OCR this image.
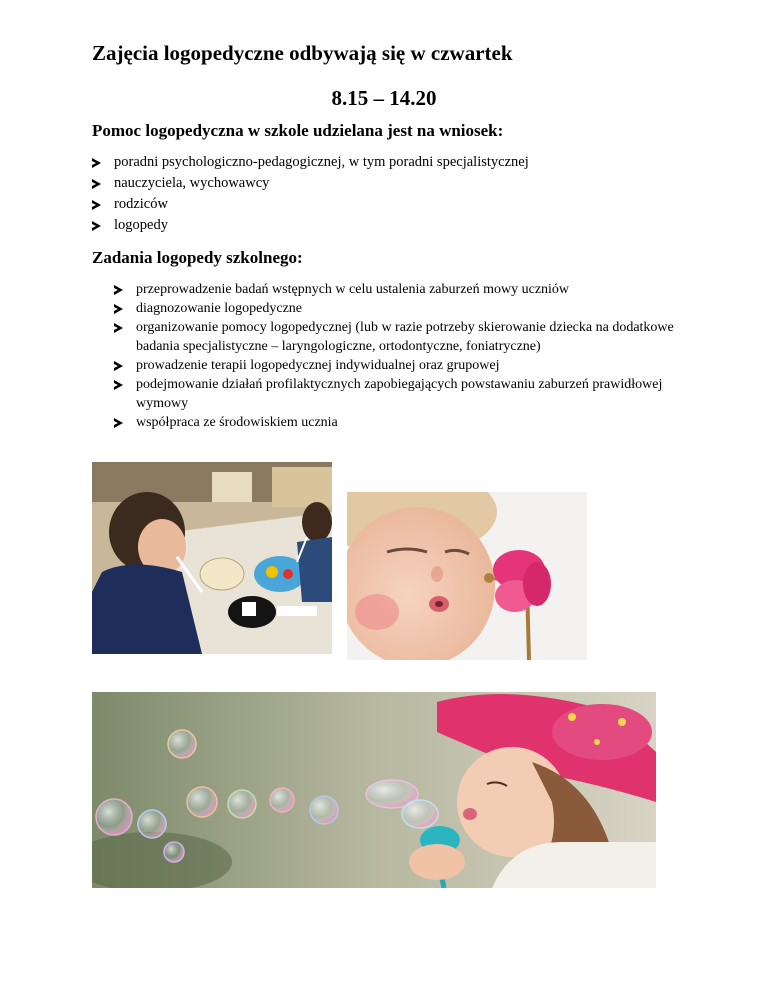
Zajęcia logopedyczne odbywają się w czwartek
8.15 – 14.20
Pomoc logopedyczna w szkole udzielana jest na wniosek:
poradni psychologiczno-pedagogicznej, w tym poradni specjalistycznej
nauczyciela, wychowawcy
rodziców
logopedy
Zadania logopedy szkolnego:
przeprowadzenie badań wstępnych w celu ustalenia zaburzeń mowy uczniów
diagnozowanie logopedyczne
organizowanie pomocy logopedycznej (lub w razie potrzeby skierowanie dziecka na dodatkowe badania specjalistyczne – laryngologiczne, ortodontyczne, foniatryczne)
prowadzenie terapii logopedycznej indywidualnej oraz grupowej
podejmowanie działań profilaktycznych zapobiegających powstawaniu zaburzeń prawidłowej wymowy
współpraca ze środowiskiem ucznia
